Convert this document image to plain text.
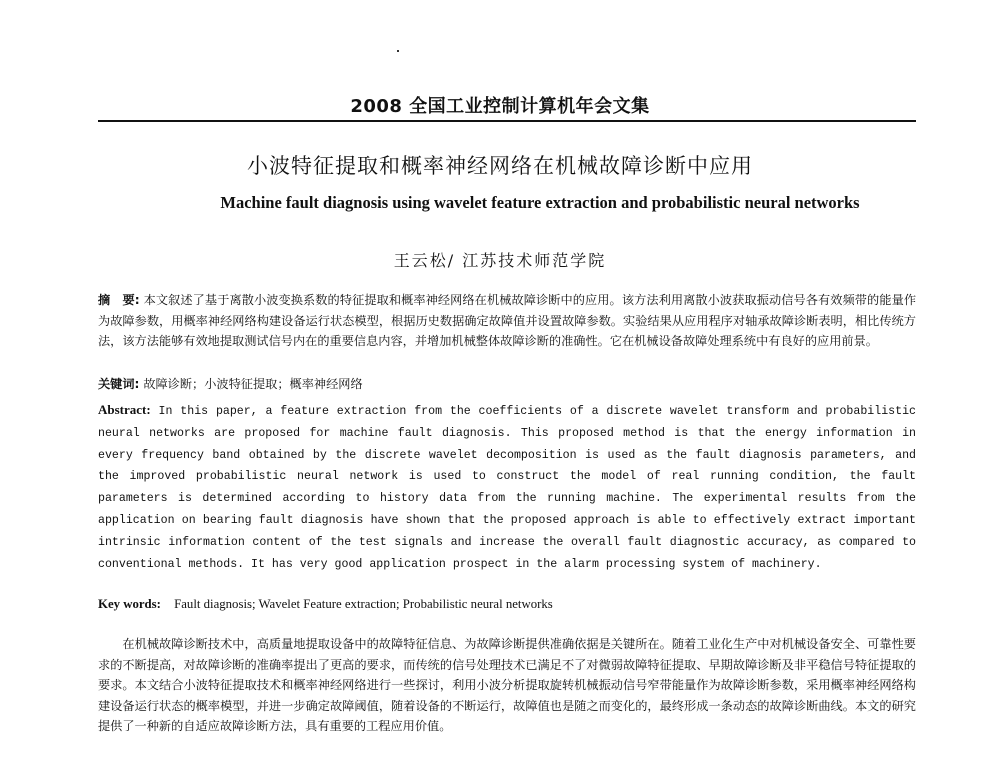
2008 全国工业控制计算机年会文集
小波特征提取和概率神经网络在机械故障诊断中应用
Machine fault diagnosis using wavelet feature extraction and probabilistic neural networks
王云松/ 江苏技术师范学院
摘　要: 本文叙述了基于离散小波变换系数的特征提取和概率神经网络在机械故障诊断中的应用。该方法利用离散小波获取振动信号各有效频带的能量作为故障参数，用概率神经网络构建设备运行状态模型，根据历史数据确定故障值并设置故障参数。实验结果从应用程序对轴承故障诊断表明，相比传统方法，该方法能够有效地提取测试信号内在的重要信息内容，并增加机械整体故障诊断的准确性。它在机械设备故障处理系统中有良好的应用前景。
关键词: 故障诊断；小波特征提取；概率神经网络
Abstract: In this paper, a feature extraction from the coefficients of a discrete wavelet transform and probabilistic neural networks are proposed for machine fault diagnosis. This proposed method is that the energy information in every frequency band obtained by the discrete wavelet decomposition is used as the fault diagnosis parameters, and the improved probabilistic neural network is used to construct the model of real running condition, the fault parameters is determined according to history data from the running machine. The experimental results from the application on bearing fault diagnosis have shown that the proposed approach is able to effectively extract important intrinsic information content of the test signals and increase the overall fault diagnostic accuracy, as compared to conventional methods. It has very good application prospect in the alarm processing system of machinery.
Key words: Fault diagnosis; Wavelet Feature extraction; Probabilistic neural networks
在机械故障诊断技术中，高质量地提取设备中的故障特征信息、为故障诊断提供准确依据是关键所在。随着工业化生产中对机械设备安全、可靠性要求的不断提高，对故障诊断的准确率提出了更高的要求，而传统的信号处理技术已满足不了对微弱故障特征提取、早期故障诊断及非平稳信号特征提取的要求。本文结合小波特征提取技术和概率神经网络进行一些探讨，利用小波分析提取旋转机械振动信号窄带能量作为故障诊断参数，采用概率神经网络构建设备运行状态的概率模型，并进一步确定故障阈值，随着设备的不断运行，故障值也是随之而变化的，最终形成一条动态的故障诊断曲线。本文的研究提供了一种新的自适应故障诊断方法，具有重要的工程应用价值。
